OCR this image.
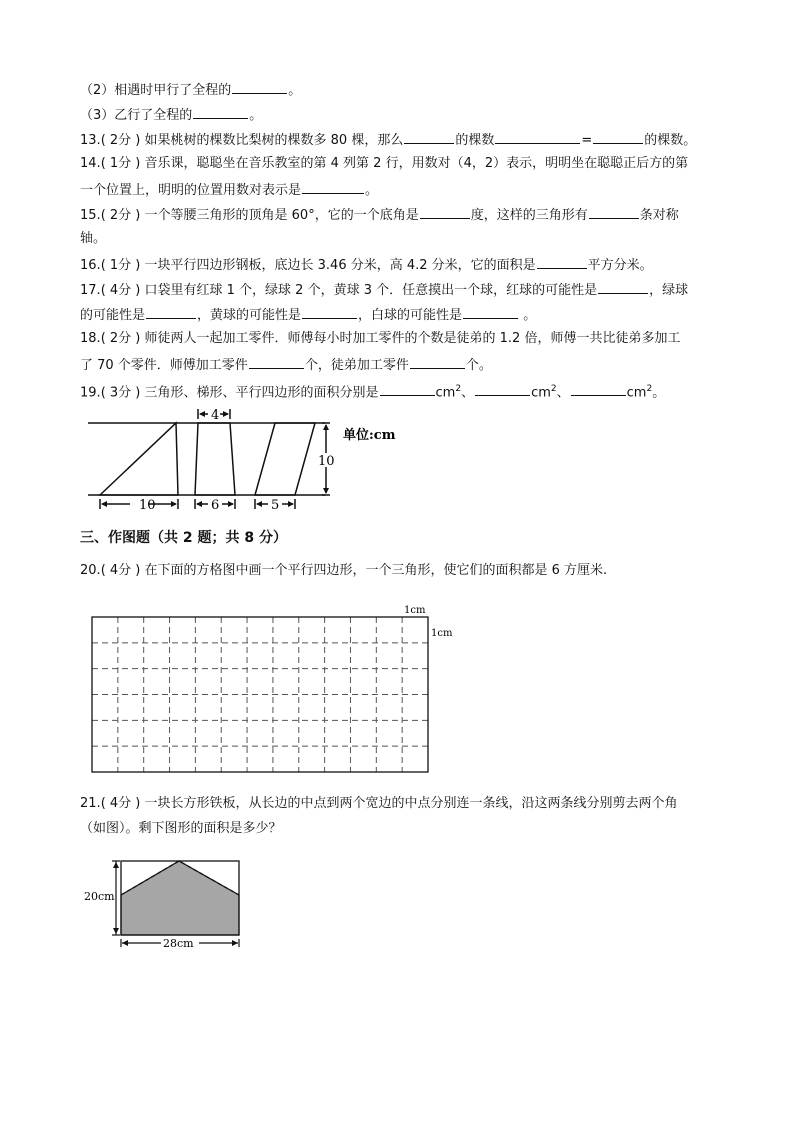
（2）相遇时甲行了全程的	。
（3）乙行了全程的	。
13.( 2分 ) 如果桃树的棵数比梨树的棵数多 80 棵，那么	的棵数	=	的棵数。
14.( 1分 ) 音乐课，聪聪坐在音乐教室的第 4 列第 2 行，用数对（4，2）表示，明明坐在聪聪正后方的第
一个位置上，明明的位置用数对表示是	。
15.( 2分 ) 一个等腰三角形的顶角是 60°，它的一个底角是	度，这样的三角形有	条对称
轴。
16.( 1分 ) 一块平行四边形钢板，底边长 3.46 分米，高 4.2 分米，它的面积是	平方分米。
17.( 4分 ) 口袋里有红球 1 个，绿球 2 个，黄球 3 个．任意摸出一个球，红球的可能性是	，绿球
的可能性是	，黄球的可能性是	，白球的可能性是	。
18.( 2分 ) 师徒两人一起加工零件．师傅每小时加工零件的个数是徒弟的 1.2 倍，师傅一共比徒弟多加工
了 70 个零件．师傅加工零件	个，徒弟加工零件	个。
19.( 3分 ) 三角形、梯形、平行四边形的面积分别是	$cm^2$、	$cm^2$、	$cm^2$。
10	6
4
5
10
单位:cm
三、作图题（共 2 题；共 8 分）
20.( 4分 ) 在下面的方格图中画一个平行四边形，一个三角形，使它们的面积都是 6 方厘米.
1cm
1cm
21.( 4分 ) 一块长方形铁板，从长边的中点到两个宽边的中点分别连一条线，沿这两条线分别剪去两个角
（如图）。剩下图形的面积是多少？
20cm
28cm
